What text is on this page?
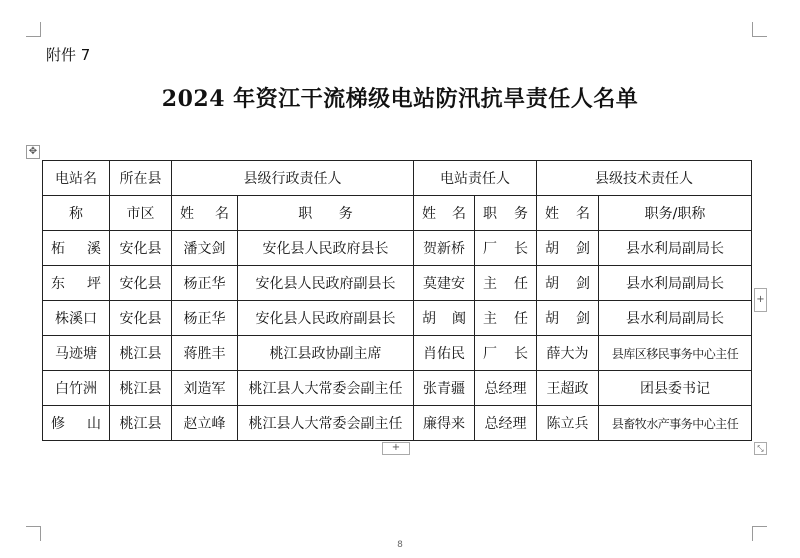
附件 7
2024 年资江干流梯级电站防汛抗旱责任人名单
✥
电站名	所在县	县级行政责任人		电站责任人		县级技术责任人	
称	市区	姓 名	职 务	姓 名	职 务	姓 名	职务/职称
柘 溪	安化县	潘文剑	安化县人民政府县长	贺新桥	厂 长	胡 剑	县水利局副局长
东 坪	安化县	杨正华	安化县人民政府副县长	莫建安	主 任	胡 剑	县水利局副局长
株溪口	安化县	杨正华	安化县人民政府副县长	胡 阗	主 任	胡 剑	县水利局副局长
马迹塘	桃江县	蒋胜丰	桃江县政协副主席	肖佑民	厂 长	薛大为	县库区移民事务中心主任
白竹洲	桃江县	刘造军	桃江县人大常委会副主任	张青疆	总经理	王超政	团县委书记
修 山	桃江县	赵立峰	桃江县人大常委会副主任	廉得来	总经理	陈立兵	县畜牧水产事务中心主任
+
+	⤡
8
